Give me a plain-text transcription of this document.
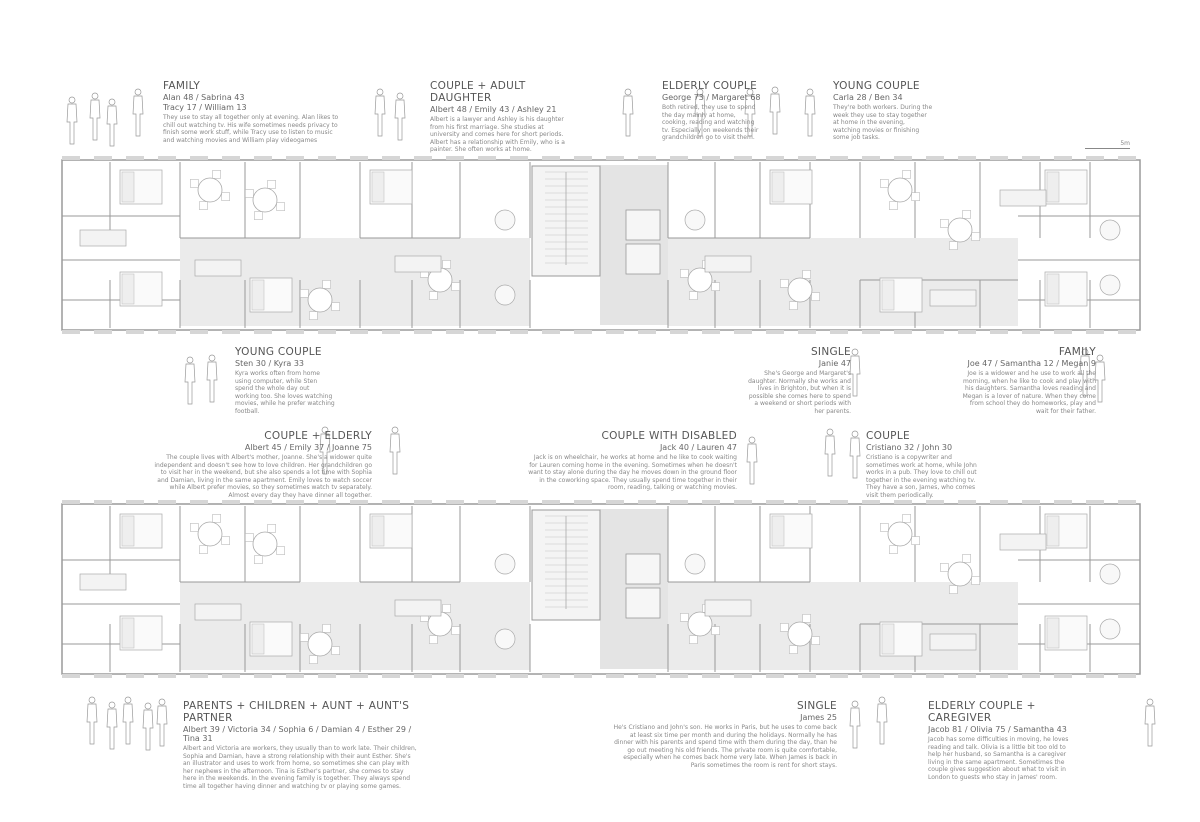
FAMILY
Alan 48 / Sabrina 43
Tracy 17 / William 13
They use to stay all together only at evening. Alan likes to chill out watching tv. His wife sometimes needs privacy to finish some work stuff, while Tracy use to listen to music and watching movies and William play videogames
COUPLE + ADULT DAUGHTER
Albert 48 / Emily 43 / Ashley 21
Albert is a lawyer and Ashley is his daughter from his first marriage. She studies at university and comes here for short periods. Albert has a relationship with Emily, who is a painter. She often works at home.
ELDERLY COUPLE
George 73 / Margaret 68
Both retired, they use to spend the day mainly at home, cooking, reading and watching tv. Especially on weekends their grandchildren go to visit them.
YOUNG COUPLE
Carla 28 / Ben 34
They're both workers. During the week they use to stay together at home in the evening, watching movies or finishing some job tasks.
YOUNG COUPLE
Sten 30 / Kyra 33
Kyra works often from home using computer, while Sten spend the whole day out working too. She loves watching movies, while he prefer watching football.
SINGLE
Janie 47
She's George and Margaret's daughter. Normally she works and lives in Brighton, but when it is possible she comes here to spend a weekend or short periods with her parents.
FAMILY
Joe 47 / Samantha 12 / Megan 9
Joe is a widower and he use to work all the morning, when he like to cook and play with his daughters. Samantha loves reading and Megan is a lover of nature. When they come from school they do homeworks, play and wait for their father.
COUPLE + ELDERLY
Albert 45 / Emily 37 / Joanne 75
The couple lives with Albert's mother, Joanne. She's a widower quite independent and doesn't see how to love children. Her grandchildren go to visit her in the weekend, but she also spends a lot time with Sophia and Damian, living in the same apartment. Emily loves to watch soccer while Albert prefer movies, so they sometimes watch tv separately. Almost every day they have dinner all together.
COUPLE WITH DISABLED
Jack 40 / Lauren 47
Jack is on wheelchair, he works at home and he like to cook waiting for Lauren coming home in the evening. Sometimes when he doesn't want to stay alone during the day he moves down in the ground floor in the coworking space. They usually spend time together in their room, reading, talking or watching movies.
COUPLE
Cristiano 32 / John 30
Cristiano is a copywriter and sometimes work at home, while John works in a pub. They love to chill out together in the evening watching tv. They have a son, James, who comes visit them periodically.
PARENTS + CHILDREN + AUNT + AUNT'S PARTNER
Albert 39 / Victoria 34 / Sophia 6 / Damian 4 / Esther 29 / Tina 31
Albert and Victoria are workers, they usually than to work late. Their children, Sophia and Damian, have a strong relationship with their aunt Esther. She's an illustrator and uses to work from home, so sometimes she can play with her nephews in the afternoon. Tina is Esther's partner, she comes to stay here in the weekends. In the evening family is together. They always spend time all together having dinner and watching tv or playing some games.
SINGLE
James 25
He's Cristiano and John's son. He works in Paris, but he uses to come back at least six time per month and during the holidays. Normally he has dinner with his parents and spend time with them during the day, than he go out meeting his old friends. The private room is quite comfortable, especially when he comes back home very late. When James is back in Paris sometimes the room is rent for short stays.
ELDERLY COUPLE + CAREGIVER
Jacob 81 / Olivia 75 / Samantha 43
Jacob has some difficulties in moving, he loves reading and talk. Olivia is a little bit too old to help her husband, so Samantha is a caregiver living in the same apartment. Sometimes the couple gives suggestion about what to visit in London to guests who stay in James' room.
5m
